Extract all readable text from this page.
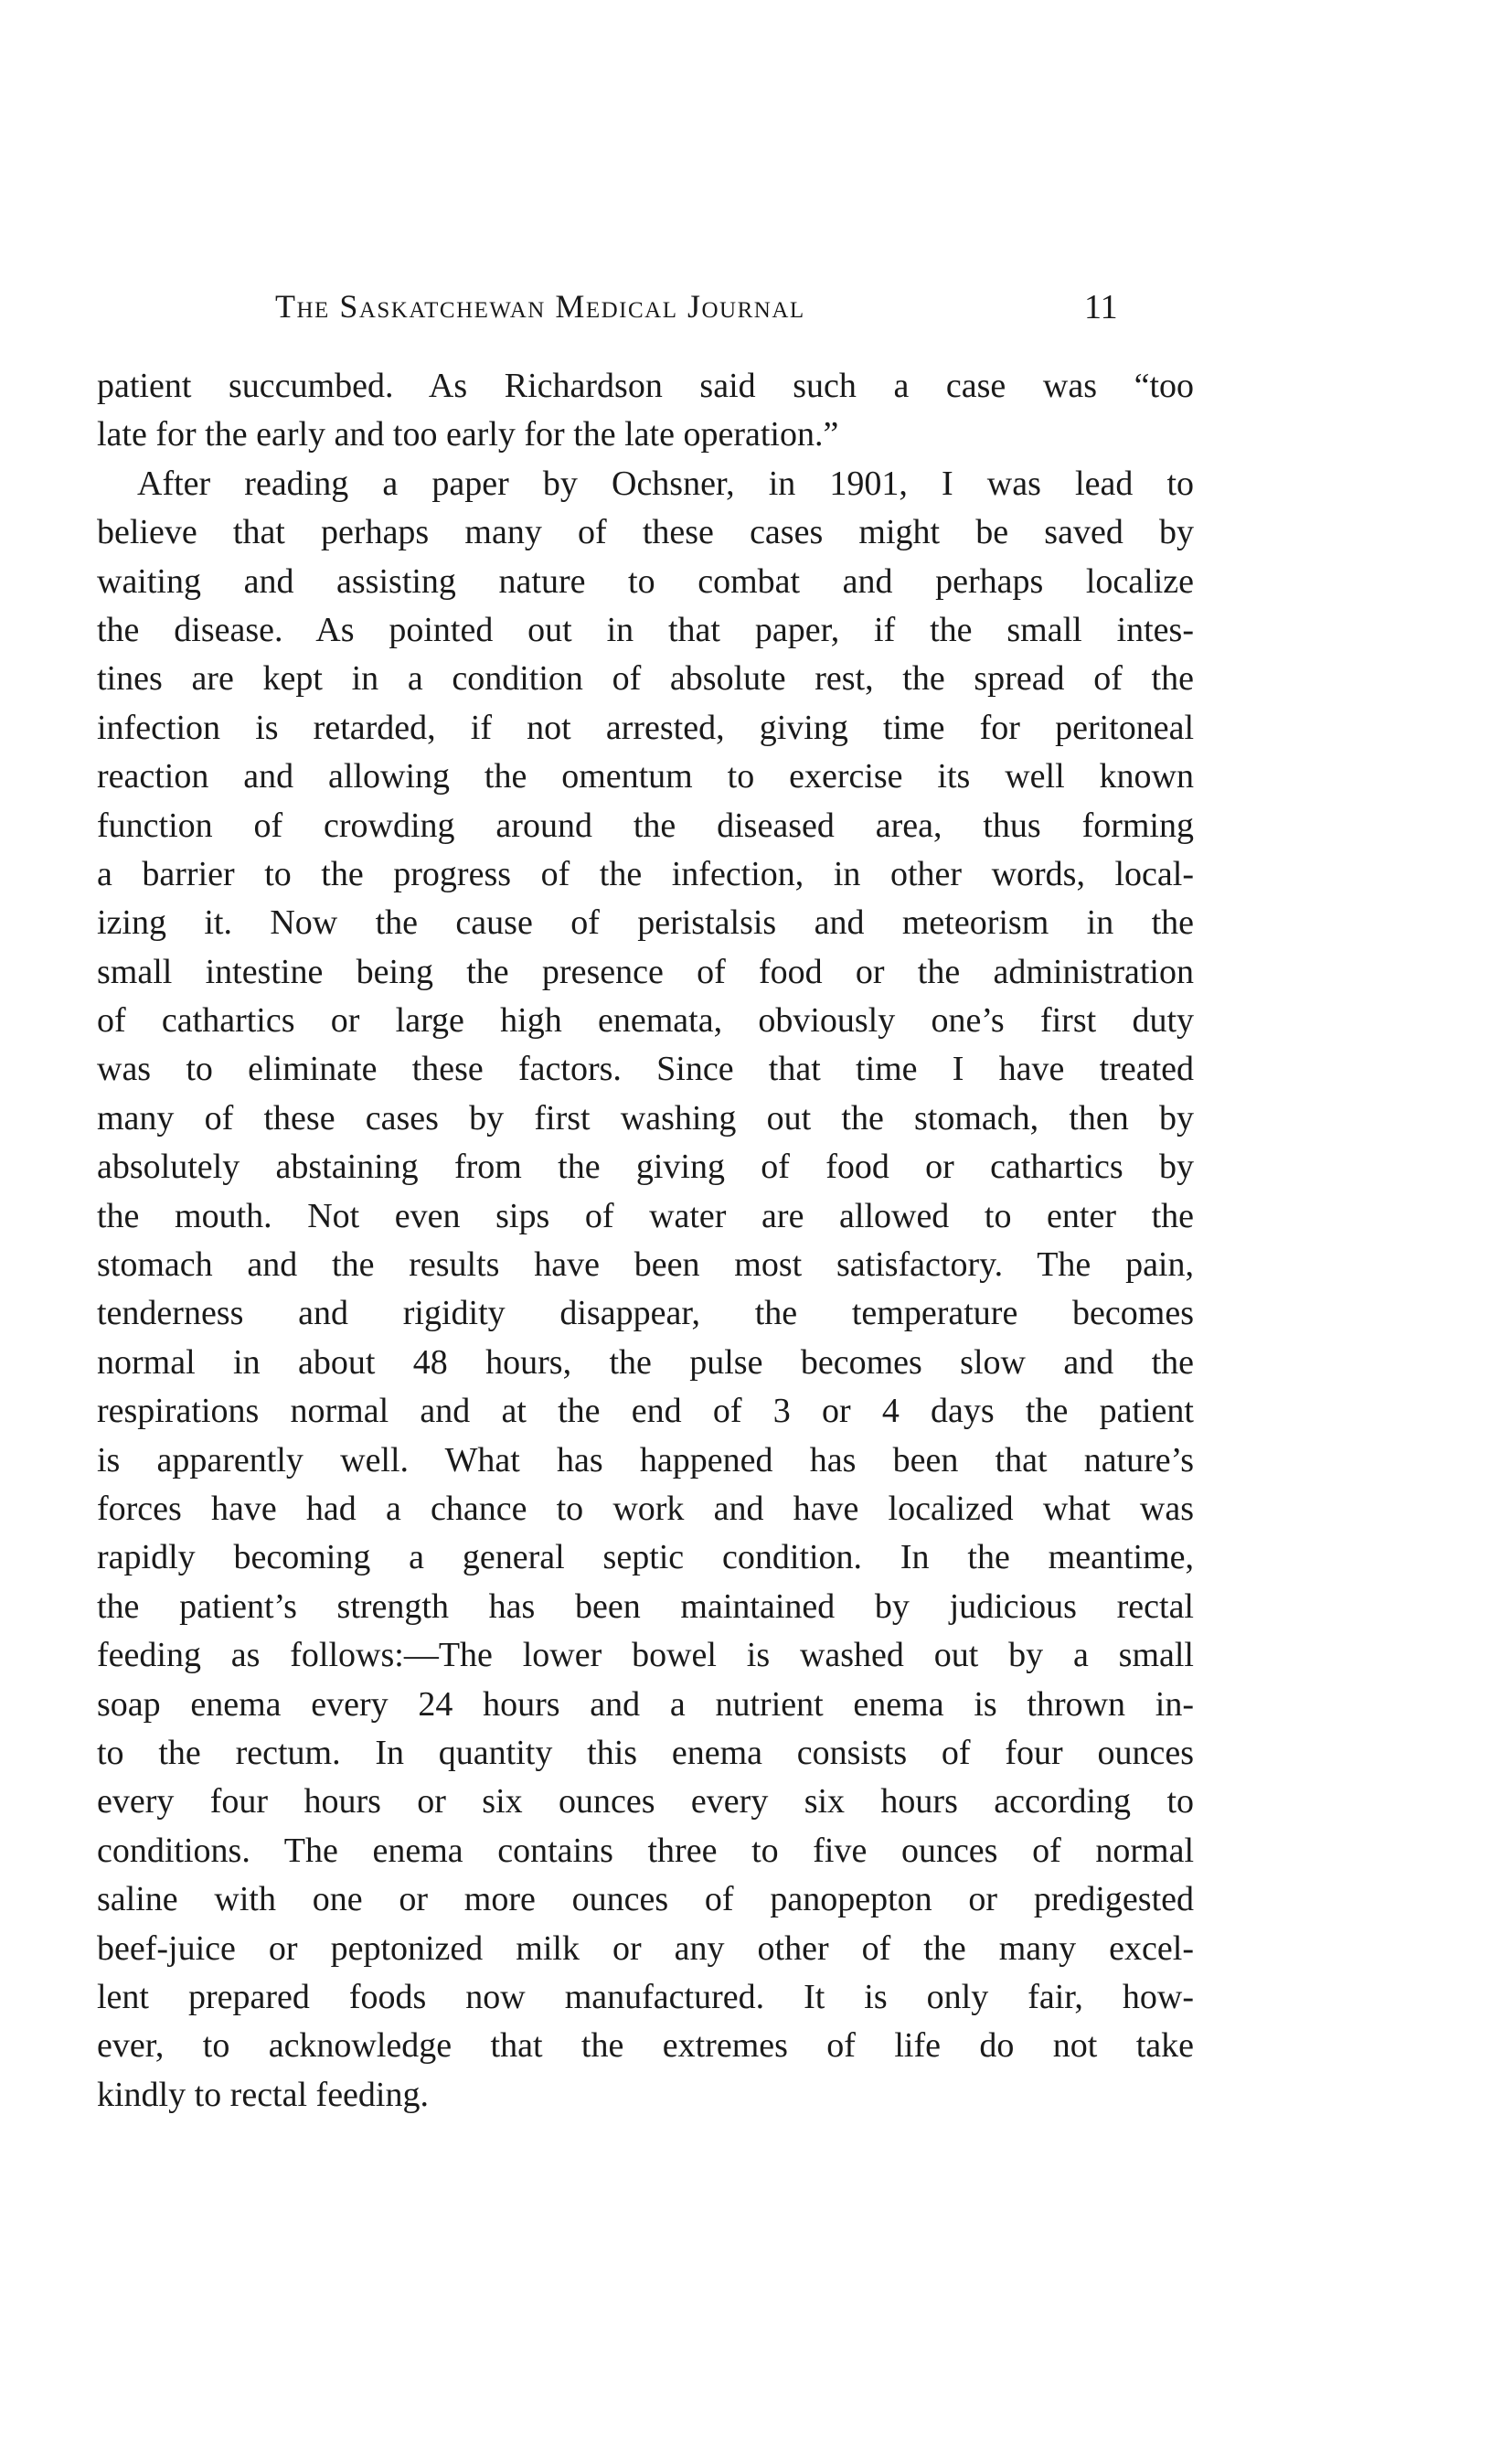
The Saskatchewan Medical Journal	11
patient succumbed. As Richardson said such a case was “too
late for the early and too early for the late operation.”
After reading a paper by Ochsner, in 1901, I was lead to
believe that perhaps many of these cases might be saved by
waiting and assisting nature to combat and perhaps localize
the disease. As pointed out in that paper, if the small intes-
tines are kept in a condition of absolute rest, the spread of the
infection is retarded, if not arrested, giving time for peritoneal
reaction and allowing the omentum to exercise its well known
function of crowding around the diseased area, thus forming
a barrier to the progress of the infection, in other words, local-
izing it. Now the cause of peristalsis and meteorism in the
small intestine being the presence of food or the administration
of cathartics or large high enemata, obviously one’s first duty
was to eliminate these factors. Since that time I have treated
many of these cases by first washing out the stomach, then by
absolutely abstaining from the giving of food or cathartics by
the mouth. Not even sips of water are allowed to enter the
stomach and the results have been most satisfactory. The pain,
tenderness and rigidity disappear, the temperature becomes
normal in about 48 hours, the pulse becomes slow and the
respirations normal and at the end of 3 or 4 days the patient
is apparently well. What has happened has been that nature’s
forces have had a chance to work and have localized what was
rapidly becoming a general septic condition. In the meantime,
the patient’s strength has been maintained by judicious rectal
feeding as follows:—The lower bowel is washed out by a small
soap enema every 24 hours and a nutrient enema is thrown in-
to the rectum. In quantity this enema consists of four ounces
every four hours or six ounces every six hours according to
conditions. The enema contains three to five ounces of normal
saline with one or more ounces of panopepton or predigested
beef-juice or peptonized milk or any other of the many excel-
lent prepared foods now manufactured. It is only fair, how-
ever, to acknowledge that the extremes of life do not take
kindly to rectal feeding.
